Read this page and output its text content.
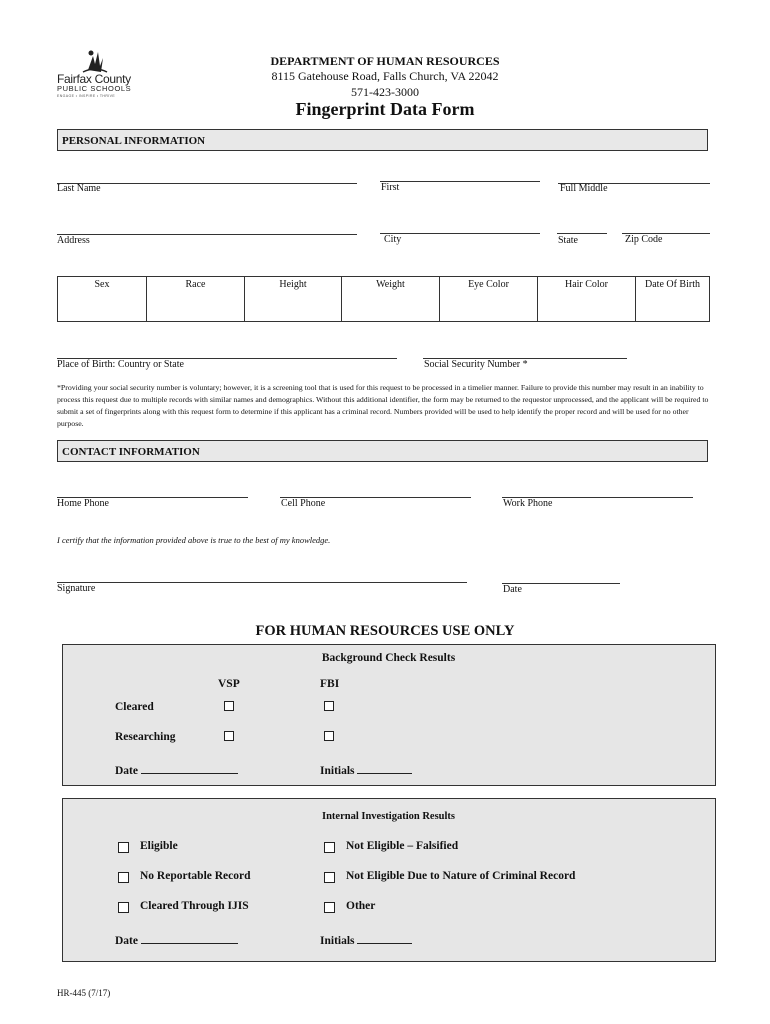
Fairfax County
PUBLIC SCHOOLS
ENGAGE • INSPIRE • THRIVE
DEPARTMENT OF HUMAN RESOURCES
8115 Gatehouse Road, Falls Church, VA 22042
571-423-3000
Fingerprint Data Form
PERSONAL INFORMATION
Last Name	First	Full Middle
Address	City	State	Zip Code
Sex	Race	Height	Weight	Eye Color	Hair Color	Date Of Birth
Place of Birth: Country or State	Social Security Number *
*Providing your social security number is voluntary; however, it is a screening tool that is used for this request to be processed in a timelier manner. Failure to provide this number may result in an inability to process this request due to multiple records with similar names and demographics. Without this additional identifier, the form may be returned to the requestor unprocessed, and the applicant will be required to submit a set of fingerprints along with this request form to determine if this applicant has a criminal record. Numbers provided will be used to help identify the proper record and will be used for no other purpose.
CONTACT INFORMATION
Home Phone	Cell Phone	Work Phone
I certify that the information provided above is true to the best of my knowledge.
Signature	Date
FOR HUMAN RESOURCES USE ONLY
Background Check Results
VSP	FBI
Cleared
Researching
Date	Initials
Internal Investigation Results
Eligible	Not Eligible – Falsified
No Reportable Record	Not Eligible Due to Nature of Criminal Record
Cleared Through IJIS	Other
Date	Initials
HR-445 (7/17)
